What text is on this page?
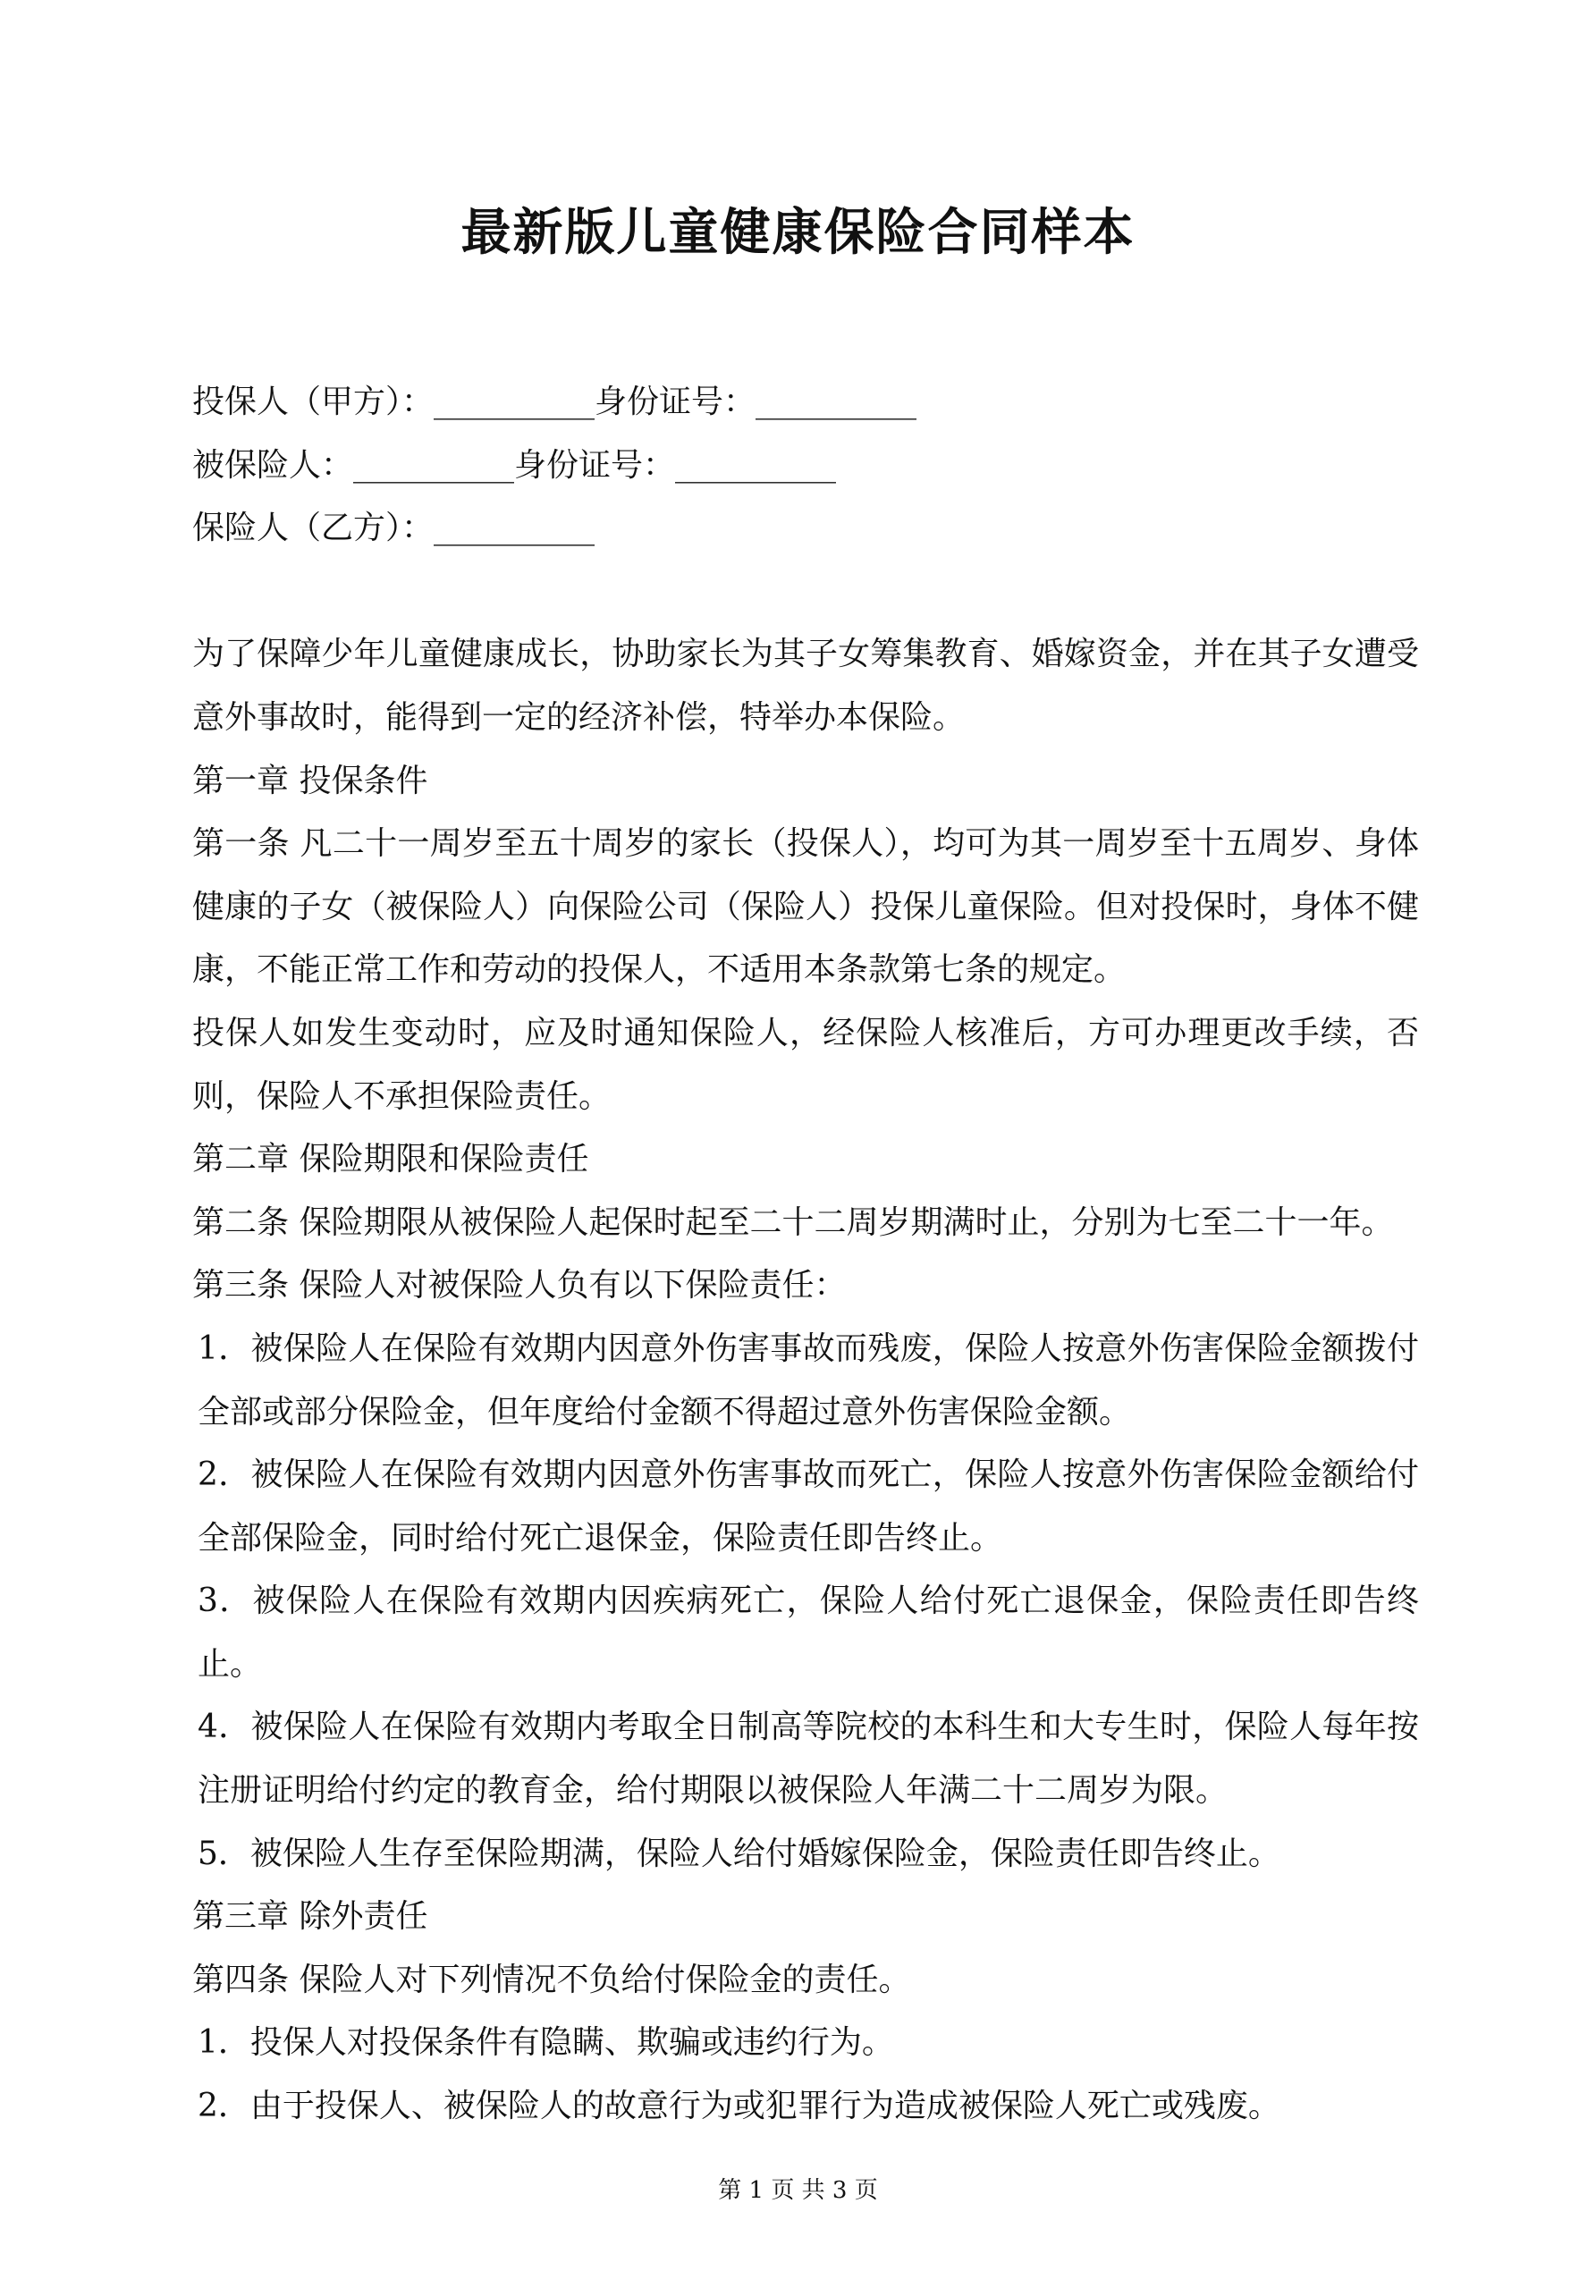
最新版儿童健康保险合同样本
投保人（甲方）：__________身份证号：__________
被保险人：__________身份证号：__________
保险人（乙方）：__________
为了保障少年儿童健康成长，协助家长为其子女筹集教育、婚嫁资金，并在其子女遭受意外事故时，能得到一定的经济补偿，特举办本保险。
第一章 投保条件
第一条 凡二十一周岁至五十周岁的家长（投保人），均可为其一周岁至十五周岁、身体健康的子女（被保险人）向保险公司（保险人）投保儿童保险。但对投保时，身体不健康，不能正常工作和劳动的投保人，不适用本条款第七条的规定。
投保人如发生变动时，应及时通知保险人，经保险人核准后，方可办理更改手续，否则，保险人不承担保险责任。
第二章 保险期限和保险责任
第二条 保险期限从被保险人起保时起至二十二周岁期满时止，分别为七至二十一年。
第三条 保险人对被保险人负有以下保险责任：
1．被保险人在保险有效期内因意外伤害事故而残废，保险人按意外伤害保险金额拨付全部或部分保险金，但年度给付金额不得超过意外伤害保险金额。
2．被保险人在保险有效期内因意外伤害事故而死亡，保险人按意外伤害保险金额给付全部保险金，同时给付死亡退保金，保险责任即告终止。
3．被保险人在保险有效期内因疾病死亡，保险人给付死亡退保金，保险责任即告终止。
4．被保险人在保险有效期内考取全日制高等院校的本科生和大专生时，保险人每年按注册证明给付约定的教育金，给付期限以被保险人年满二十二周岁为限。
5．被保险人生存至保险期满，保险人给付婚嫁保险金，保险责任即告终止。
第三章 除外责任
第四条 保险人对下列情况不负给付保险金的责任。
1．投保人对投保条件有隐瞒、欺骗或违约行为。
2．由于投保人、被保险人的故意行为或犯罪行为造成被保险人死亡或残废。
第 1 页 共 3 页
